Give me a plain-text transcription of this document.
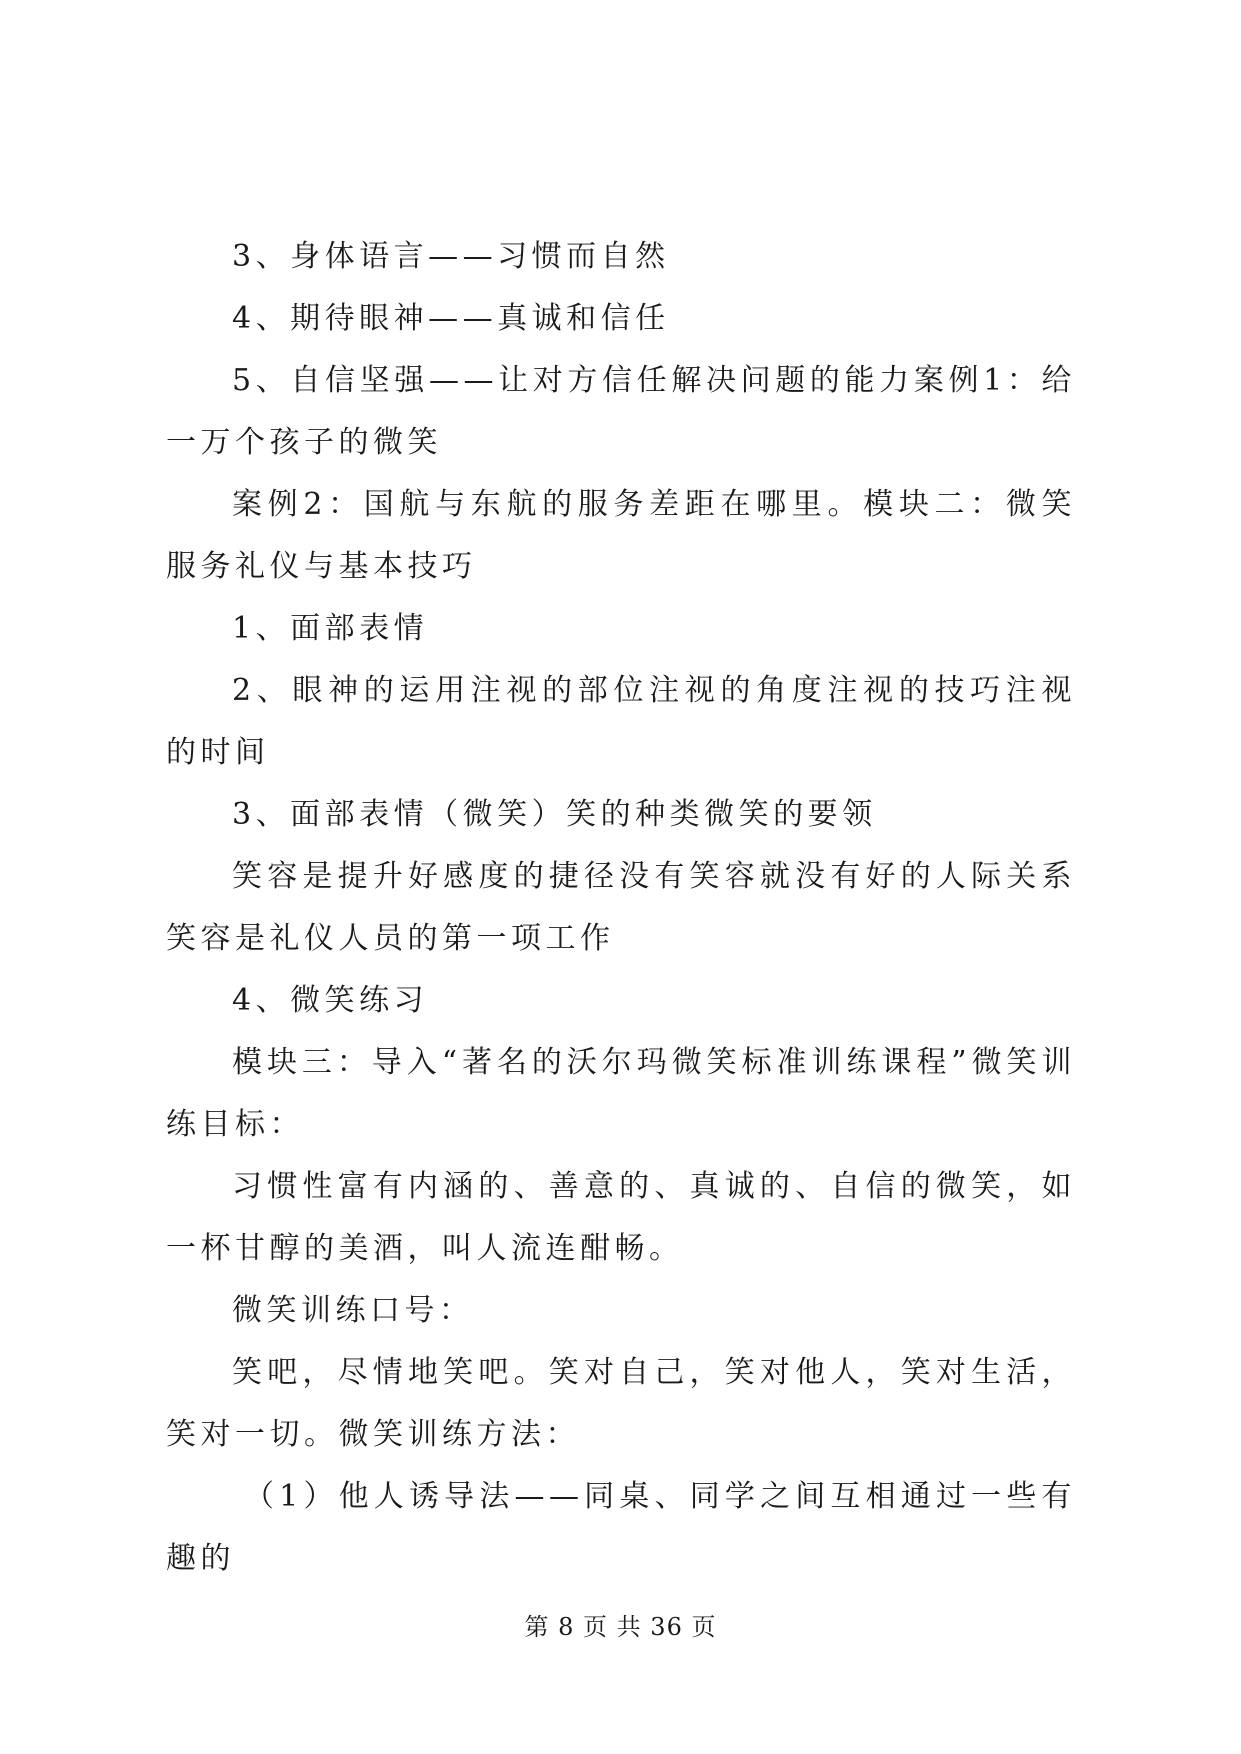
3、身体语言——习惯而自然

4、期待眼神——真诚和信任

5、自信坚强——让对方信任解决问题的能力案例1：给一万个孩子的微笑

案例2：国航与东航的服务差距在哪里。模块二：微笑服务礼仪与基本技巧

1、面部表情

2、眼神的运用注视的部位注视的角度注视的技巧注视的时间

3、面部表情（微笑）笑的种类微笑的要领

笑容是提升好感度的捷径没有笑容就没有好的人际关系笑容是礼仪人员的第一项工作

4、微笑练习

模块三：导入“著名的沃尔玛微笑标准训练课程”微笑训练目标：

习惯性富有内涵的、善意的、真诚的、自信的微笑，如一杯甘醇的美酒，叫人流连酣畅。

微笑训练口号：

笑吧，尽情地笑吧。笑对自己，笑对他人，笑对生活，笑对一切。微笑训练方法：

（1）他人诱导法——同桌、同学之间互相通过一些有趣的

第 8 页 共 36 页
